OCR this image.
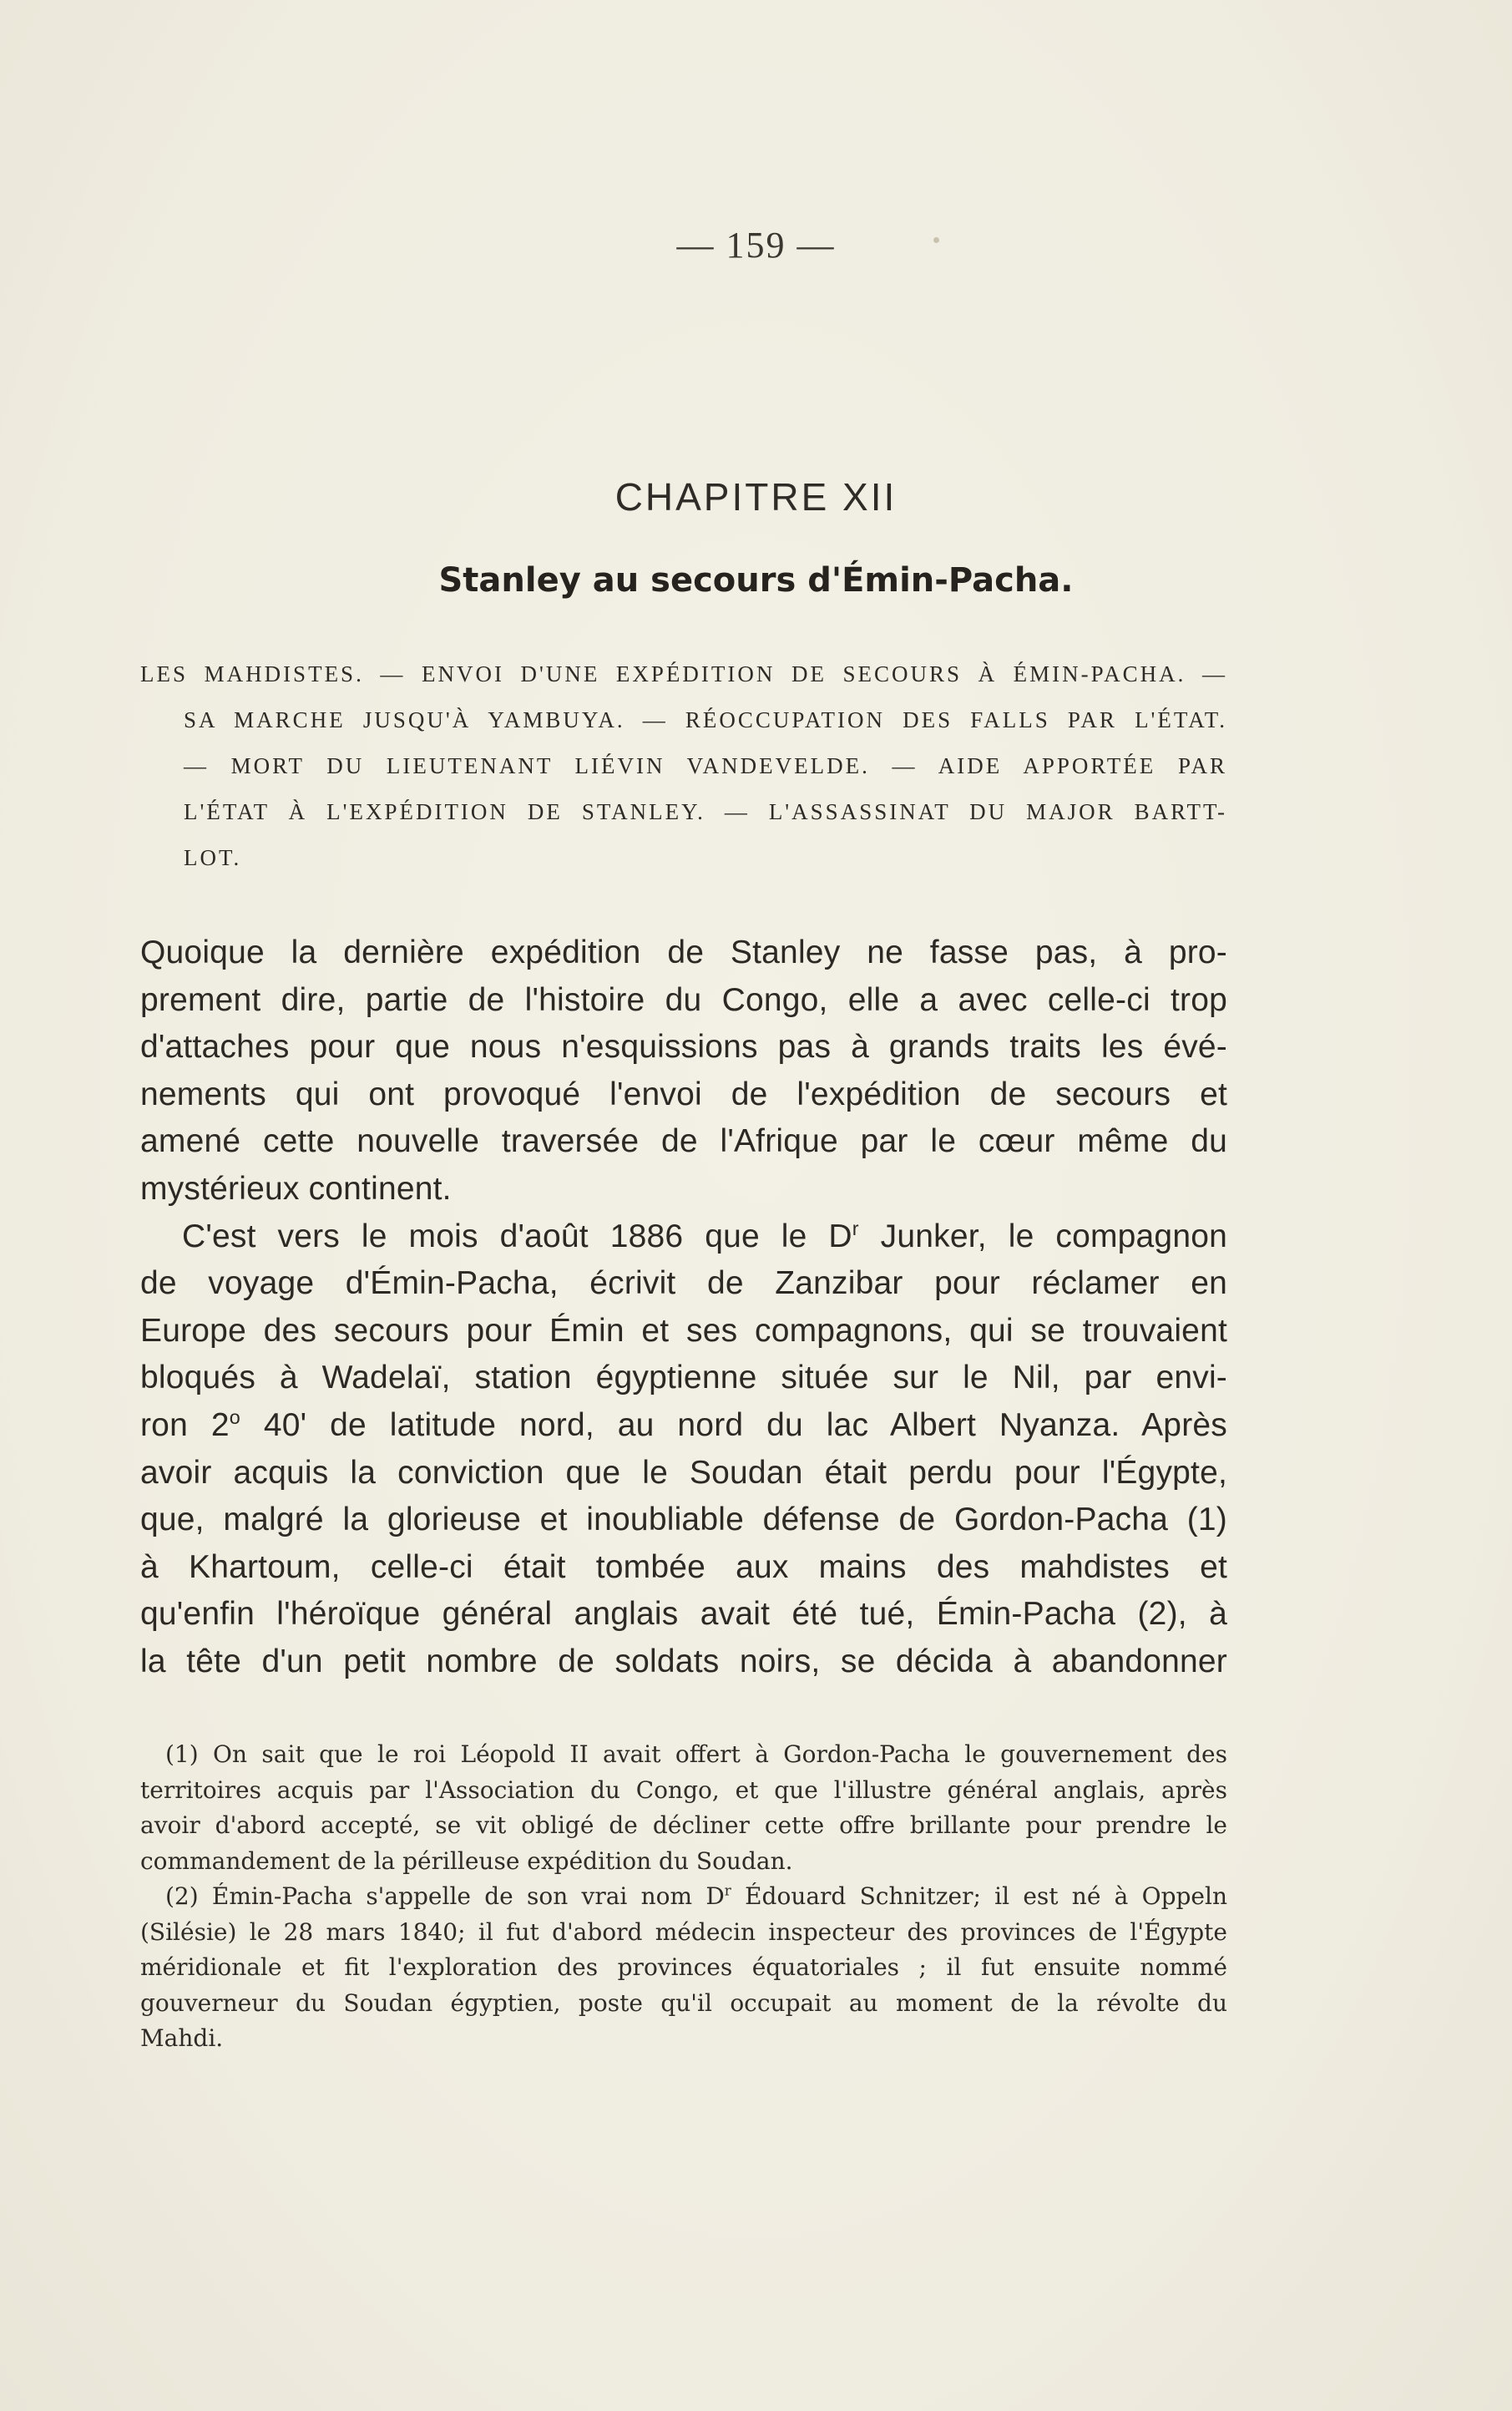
— 159 —
CHAPITRE XII
Stanley au secours d'Émin-Pacha.
LES MAHDISTES. — ENVOI D'UNE EXPÉDITION DE SECOURS À ÉMIN-PACHA. —
SA MARCHE JUSQU'À YAMBUYA. — RÉOCCUPATION DES FALLS PAR L'ÉTAT.
— MORT DU LIEUTENANT LIÉVIN VANDEVELDE. — AIDE APPORTÉE PAR
L'ÉTAT À L'EXPÉDITION DE STANLEY. — L'ASSASSINAT DU MAJOR BARTT-
LOT.
Quoique la dernière expédition de Stanley ne fasse pas, à pro-
prement dire, partie de l'histoire du Congo, elle a avec celle-ci trop
d'attaches pour que nous n'esquissions pas à grands traits les évé-
nements qui ont provoqué l'envoi de l'expédition de secours et
amené cette nouvelle traversée de l'Afrique par le cœur même du
mystérieux continent.
C'est vers le mois d'août 1886 que le $D^r$ Junker, le compagnon
de voyage d'Émin-Pacha, écrivit de Zanzibar pour réclamer en
Europe des secours pour Émin et ses compagnons, qui se trouvaient
bloqués à Wadelaï, station égyptienne située sur le Nil, par envi-
ron 2$^o$ 40' de latitude nord, au nord du lac Albert Nyanza. Après
avoir acquis la conviction que le Soudan était perdu pour l'Égypte,
que, malgré la glorieuse et inoubliable défense de Gordon-Pacha (1)
à Khartoum, celle-ci était tombée aux mains des mahdistes et
qu'enfin l'héroïque général anglais avait été tué, Émin-Pacha (2), à
la tête d'un petit nombre de soldats noirs, se décida à abandonner
(1) On sait que le roi Léopold II avait offert à Gordon-Pacha le gouvernement des
territoires acquis par l'Association du Congo, et que l'illustre général anglais, après
avoir d'abord accepté, se vit obligé de décliner cette offre brillante pour prendre le
commandement de la périlleuse expédition du Soudan.
(2) Émin-Pacha s'appelle de son vrai nom $D^r$ Édouard Schnitzer; il est né à Oppeln
(Silésie) le 28 mars 1840; il fut d'abord médecin inspecteur des provinces de l'Égypte
méridionale et fit l'exploration des provinces équatoriales ; il fut ensuite nommé
gouverneur du Soudan égyptien, poste qu'il occupait au moment de la révolte du
Mahdi.
